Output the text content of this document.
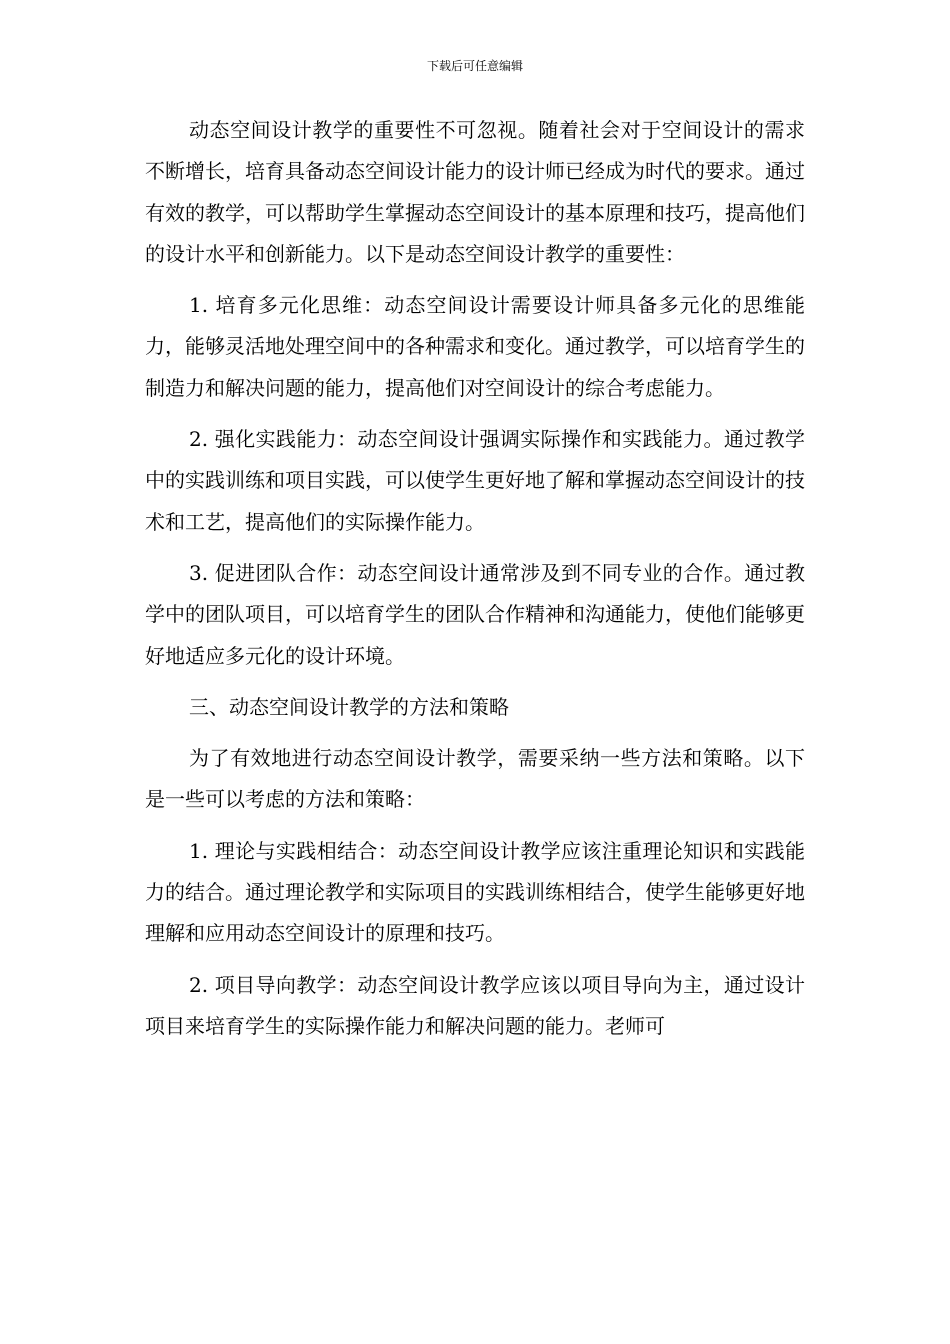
下载后可任意编辑

动态空间设计教学的重要性不可忽视。随着社会对于空间设计的需求不断增长，培育具备动态空间设计能力的设计师已经成为时代的要求。通过有效的教学，可以帮助学生掌握动态空间设计的基本原理和技巧，提高他们的设计水平和创新能力。以下是动态空间设计教学的重要性：

1. 培育多元化思维：动态空间设计需要设计师具备多元化的思维能力，能够灵活地处理空间中的各种需求和变化。通过教学，可以培育学生的制造力和解决问题的能力，提高他们对空间设计的综合考虑能力。

2. 强化实践能力：动态空间设计强调实际操作和实践能力。通过教学中的实践训练和项目实践，可以使学生更好地了解和掌握动态空间设计的技术和工艺，提高他们的实际操作能力。

3. 促进团队合作：动态空间设计通常涉及到不同专业的合作。通过教学中的团队项目，可以培育学生的团队合作精神和沟通能力，使他们能够更好地适应多元化的设计环境。

三、动态空间设计教学的方法和策略

为了有效地进行动态空间设计教学，需要采纳一些方法和策略。以下是一些可以考虑的方法和策略：

1. 理论与实践相结合：动态空间设计教学应该注重理论知识和实践能力的结合。通过理论教学和实际项目的实践训练相结合，使学生能够更好地理解和应用动态空间设计的原理和技巧。

2. 项目导向教学：动态空间设计教学应该以项目导向为主，通过设计项目来培育学生的实际操作能力和解决问题的能力。老师可
